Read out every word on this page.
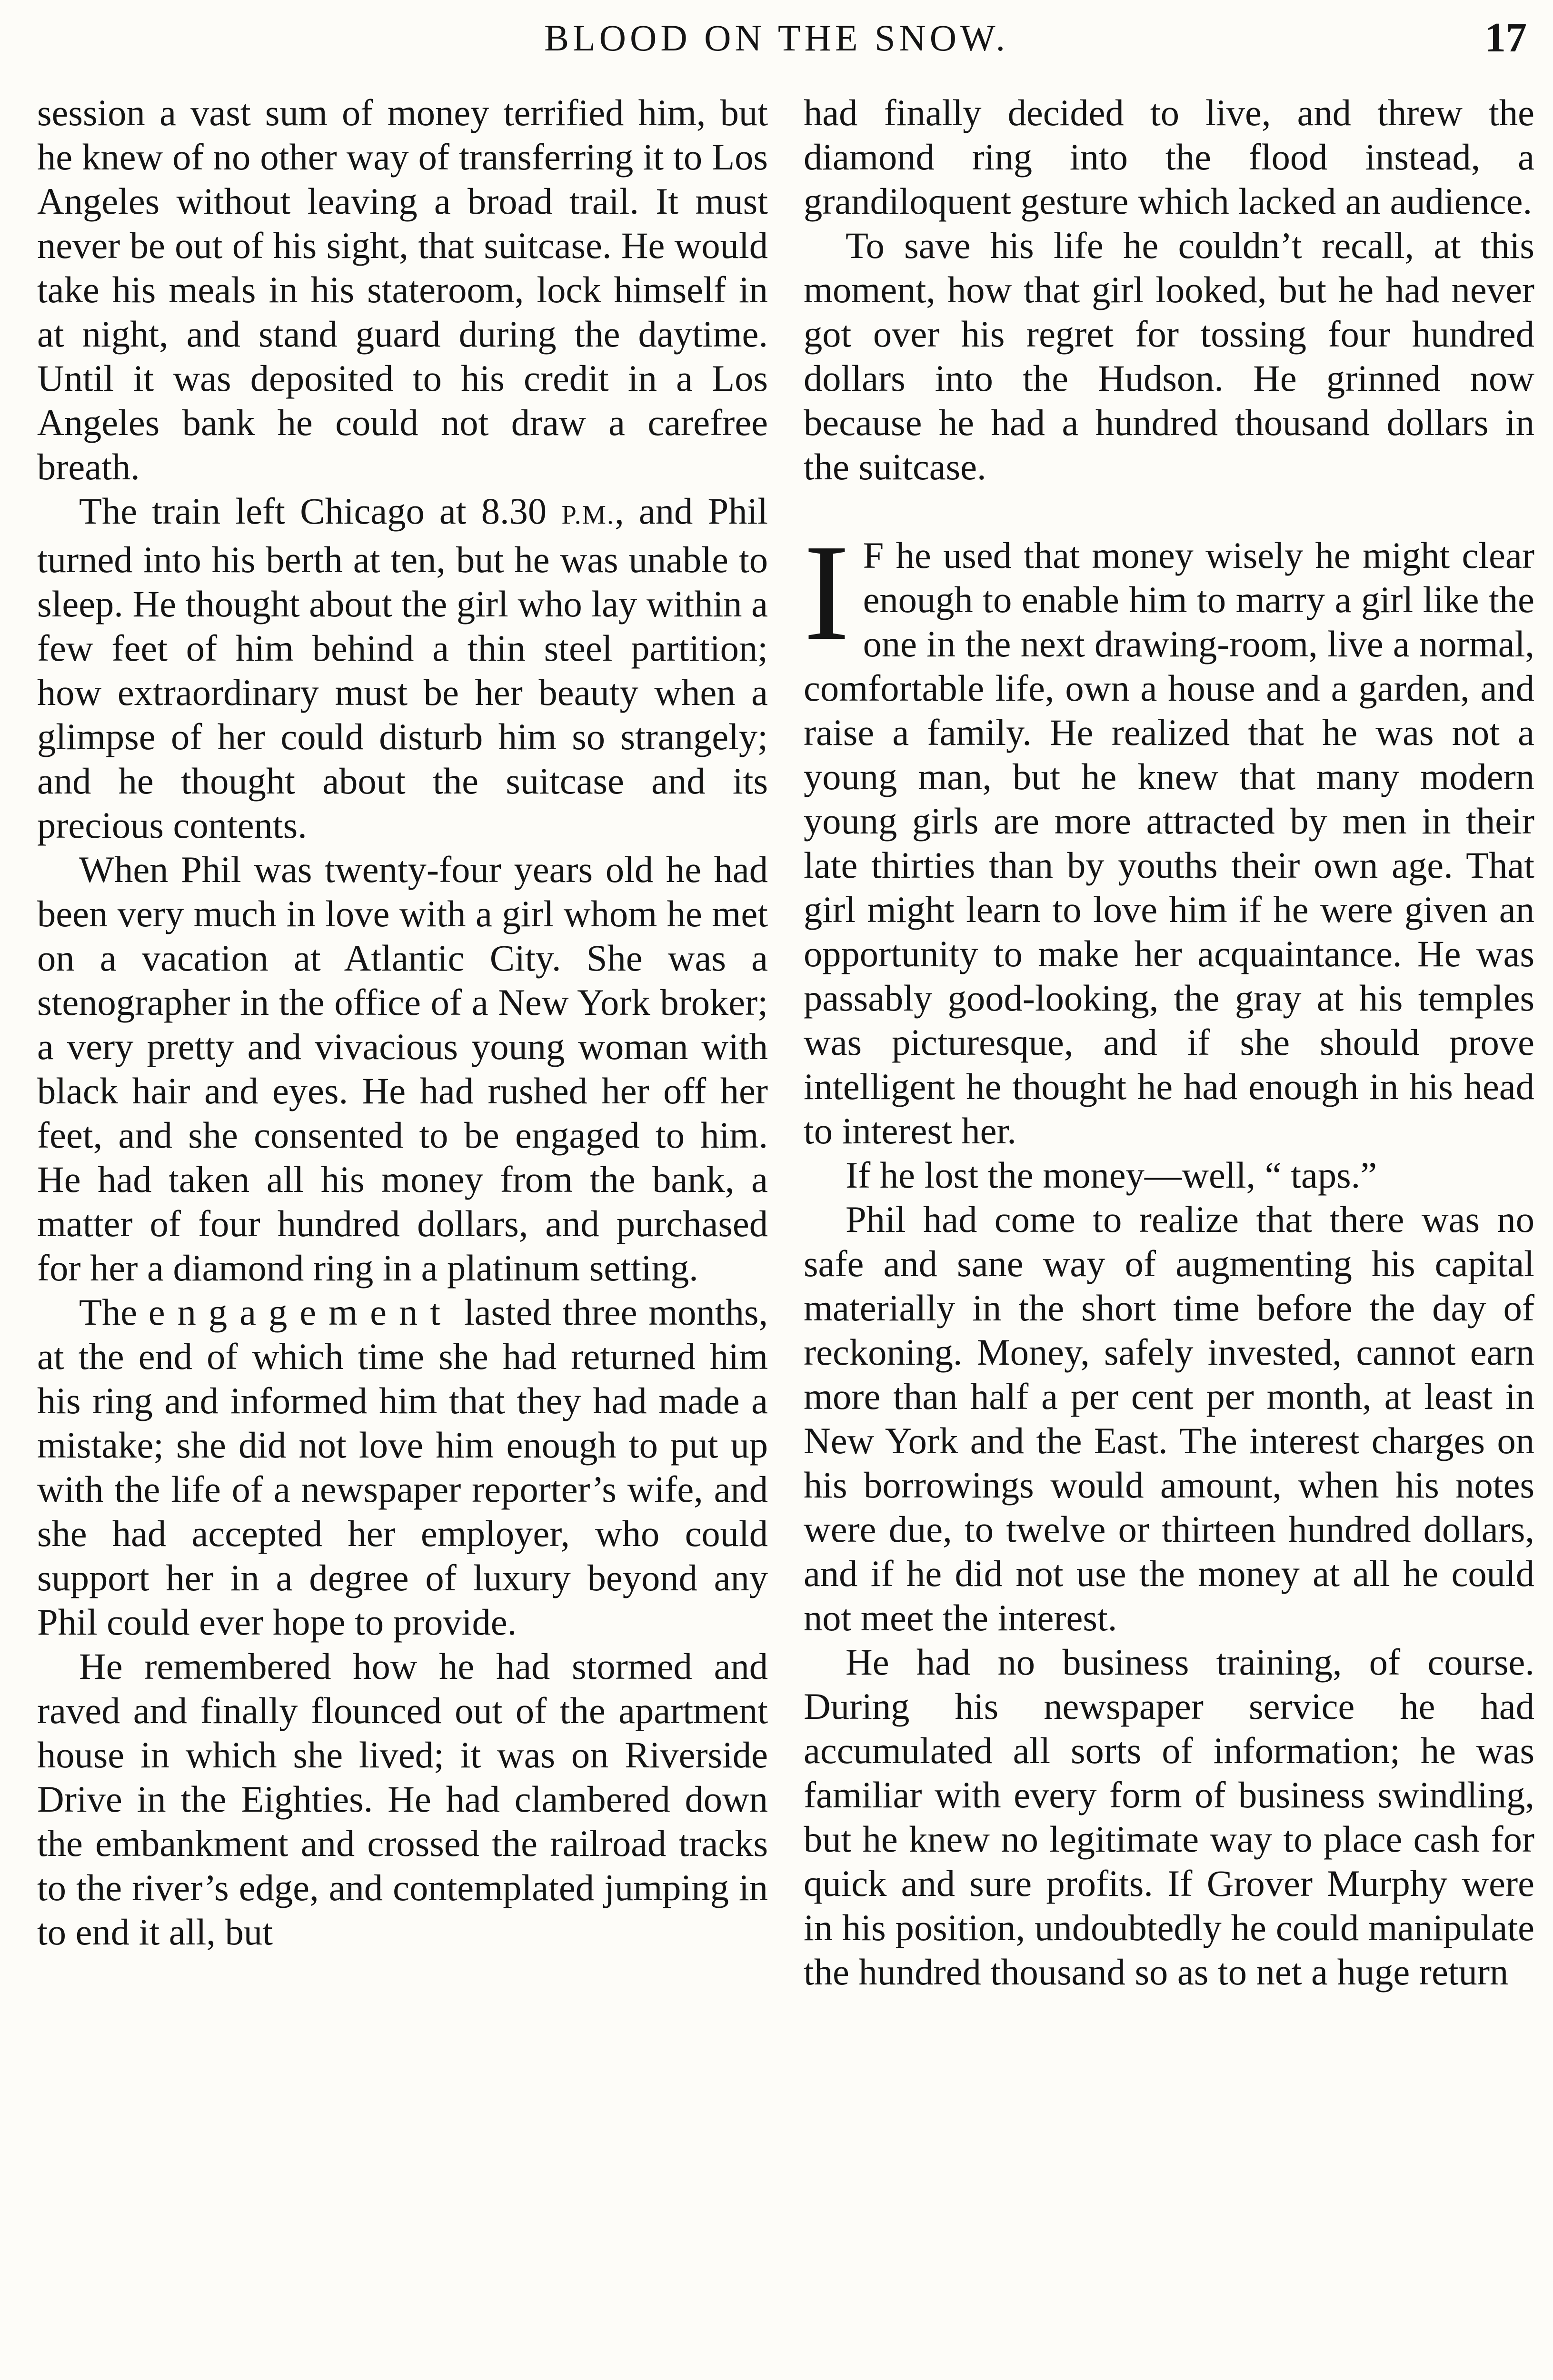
BLOOD ON THE SNOW.	17

session a vast sum of money terrified him, but he knew of no other way of transferring it to Los Angeles without leaving a broad trail. It must never be out of his sight, that suitcase. He would take his meals in his stateroom, lock himself in at night, and stand guard during the daytime. Until it was deposited to his credit in a Los Angeles bank he could not draw a carefree breath.

The train left Chicago at 8.30 P.M., and Phil turned into his berth at ten, but he was unable to sleep. He thought about the girl who lay within a few feet of him behind a thin steel partition; how extraordinary must be her beauty when a glimpse of her could disturb him so strangely; and he thought about the suitcase and its precious contents.

When Phil was twenty-four years old he had been very much in love with a girl whom he met on a vacation at Atlantic City. She was a stenographer in the office of a New York broker; a very pretty and vivacious young woman with black hair and eyes. He had rushed her off her feet, and she consented to be engaged to him. He had taken all his money from the bank, a matter of four hundred dollars, and purchased for her a diamond ring in a platinum setting.

The engagement lasted three months, at the end of which time she had returned him his ring and informed him that they had made a mistake; she did not love him enough to put up with the life of a newspaper reporter’s wife, and she had accepted her employer, who could support her in a degree of luxury beyond any Phil could ever hope to provide.

He remembered how he had stormed and raved and finally flounced out of the apartment house in which she lived; it was on Riverside Drive in the Eighties. He had clambered down the embankment and crossed the railroad tracks to the river’s edge, and contemplated jumping in to end it all, but

had finally decided to live, and threw the diamond ring into the flood instead, a grandiloquent gesture which lacked an audience.

To save his life he couldn’t recall, at this moment, how that girl looked, but he had never got over his regret for tossing four hundred dollars into the Hudson. He grinned now because he had a hundred thousand dollars in the suitcase.

I F he used that money wisely he might clear enough to enable him to marry a girl like the one in the next drawing-room, live a normal, comfortable life, own a house and a garden, and raise a family. He realized that he was not a young man, but he knew that many modern young girls are more attracted by men in their late thirties than by youths their own age. That girl might learn to love him if he were given an opportunity to make her acquaintance. He was passably good-looking, the gray at his temples was picturesque, and if she should prove intelligent he thought he had enough in his head to interest her.

If he lost the money—well, “ taps.”

Phil had come to realize that there was no safe and sane way of augmenting his capital materially in the short time before the day of reckoning. Money, safely invested, cannot earn more than half a per cent per month, at least in New York and the East. The interest charges on his borrowings would amount, when his notes were due, to twelve or thirteen hundred dollars, and if he did not use the money at all he could not meet the interest.

He had no business training, of course. During his newspaper service he had accumulated all sorts of information; he was familiar with every form of business swindling, but he knew no legitimate way to place cash for quick and sure profits. If Grover Murphy were in his position, undoubtedly he could manipulate the hundred thousand so as to net a huge return
